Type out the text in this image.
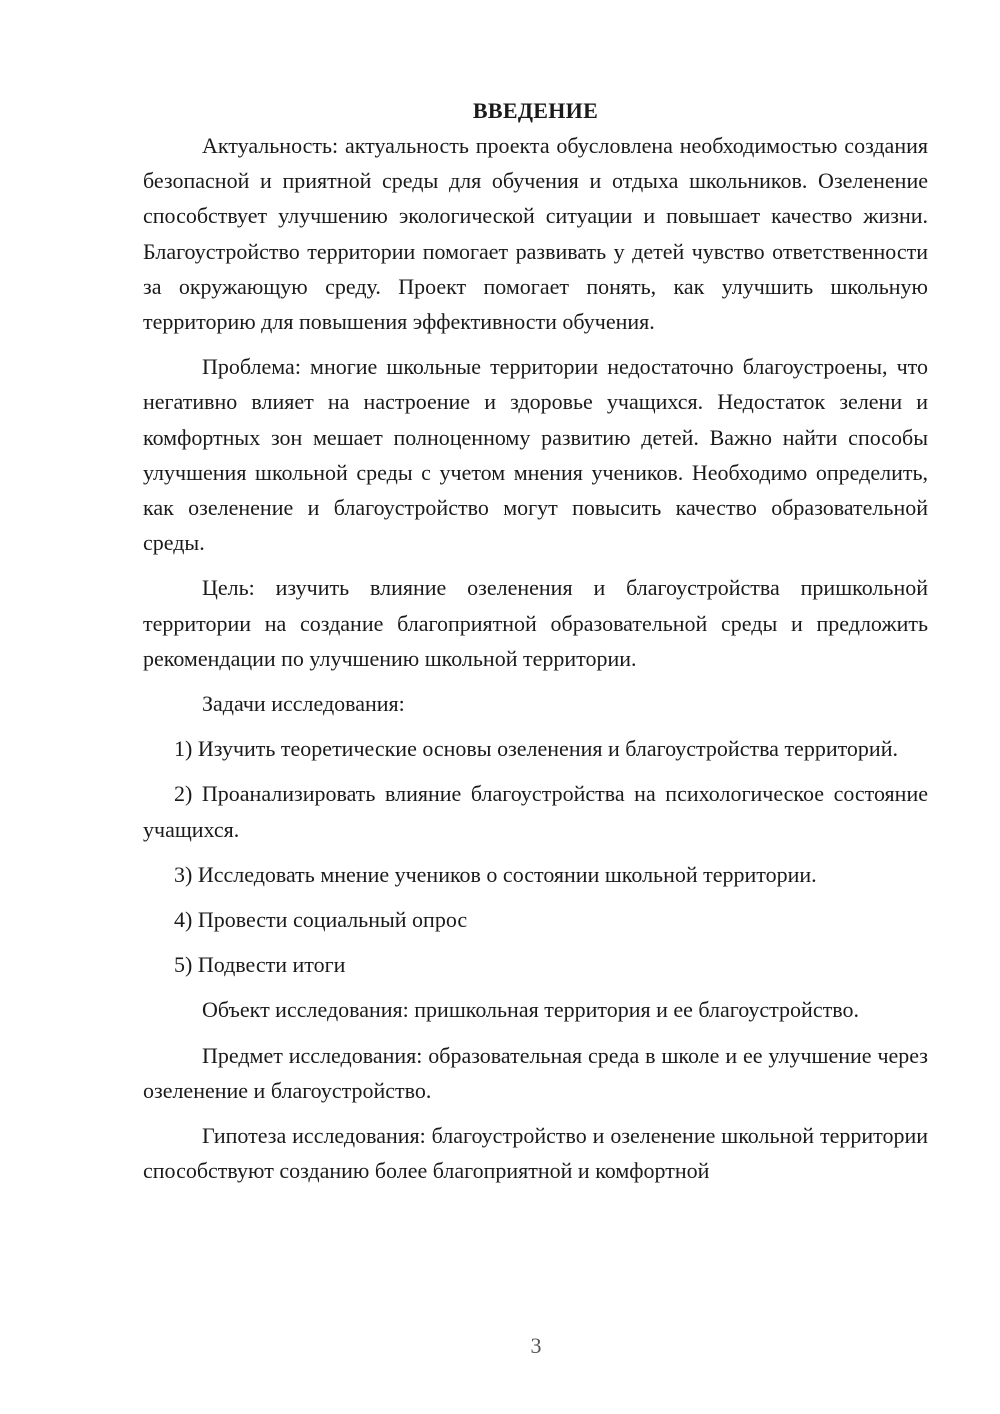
ВВЕДЕНИЕ

Актуальность: актуальность проекта обусловлена необходимостью создания безопасной и приятной среды для обучения и отдыха школьников. Озеленение способствует улучшению экологической ситуации и повышает качество жизни. Благоустройство территории помогает развивать у детей чувство ответственности за окружающую среду. Проект помогает понять, как улучшить школьную территорию для повышения эффективности обучения.

Проблема: многие школьные территории недостаточно благоустроены, что негативно влияет на настроение и здоровье учащихся. Недостаток зелени и комфортных зон мешает полноценному развитию детей. Важно найти способы улучшения школьной среды с учетом мнения учеников. Необходимо определить, как озеленение и благоустройство могут повысить качество образовательной среды.

Цель: изучить влияние озеленения и благоустройства пришкольной территории на создание благоприятной образовательной среды и предложить рекомендации по улучшению школьной территории.

Задачи исследования:

1) Изучить теоретические основы озеленения и благоустройства территорий.

2) Проанализировать влияние благоустройства на психологическое состояние учащихся.

3) Исследовать мнение учеников о состоянии школьной территории.

4) Провести социальный опрос

5) Подвести итоги

Объект исследования: пришкольная территория и ее благоустройство.

Предмет исследования: образовательная среда в школе и ее улучшение через озеленение и благоустройство.

Гипотеза исследования: благоустройство и озеленение школьной территории способствуют созданию более благоприятной и комфортной

3
